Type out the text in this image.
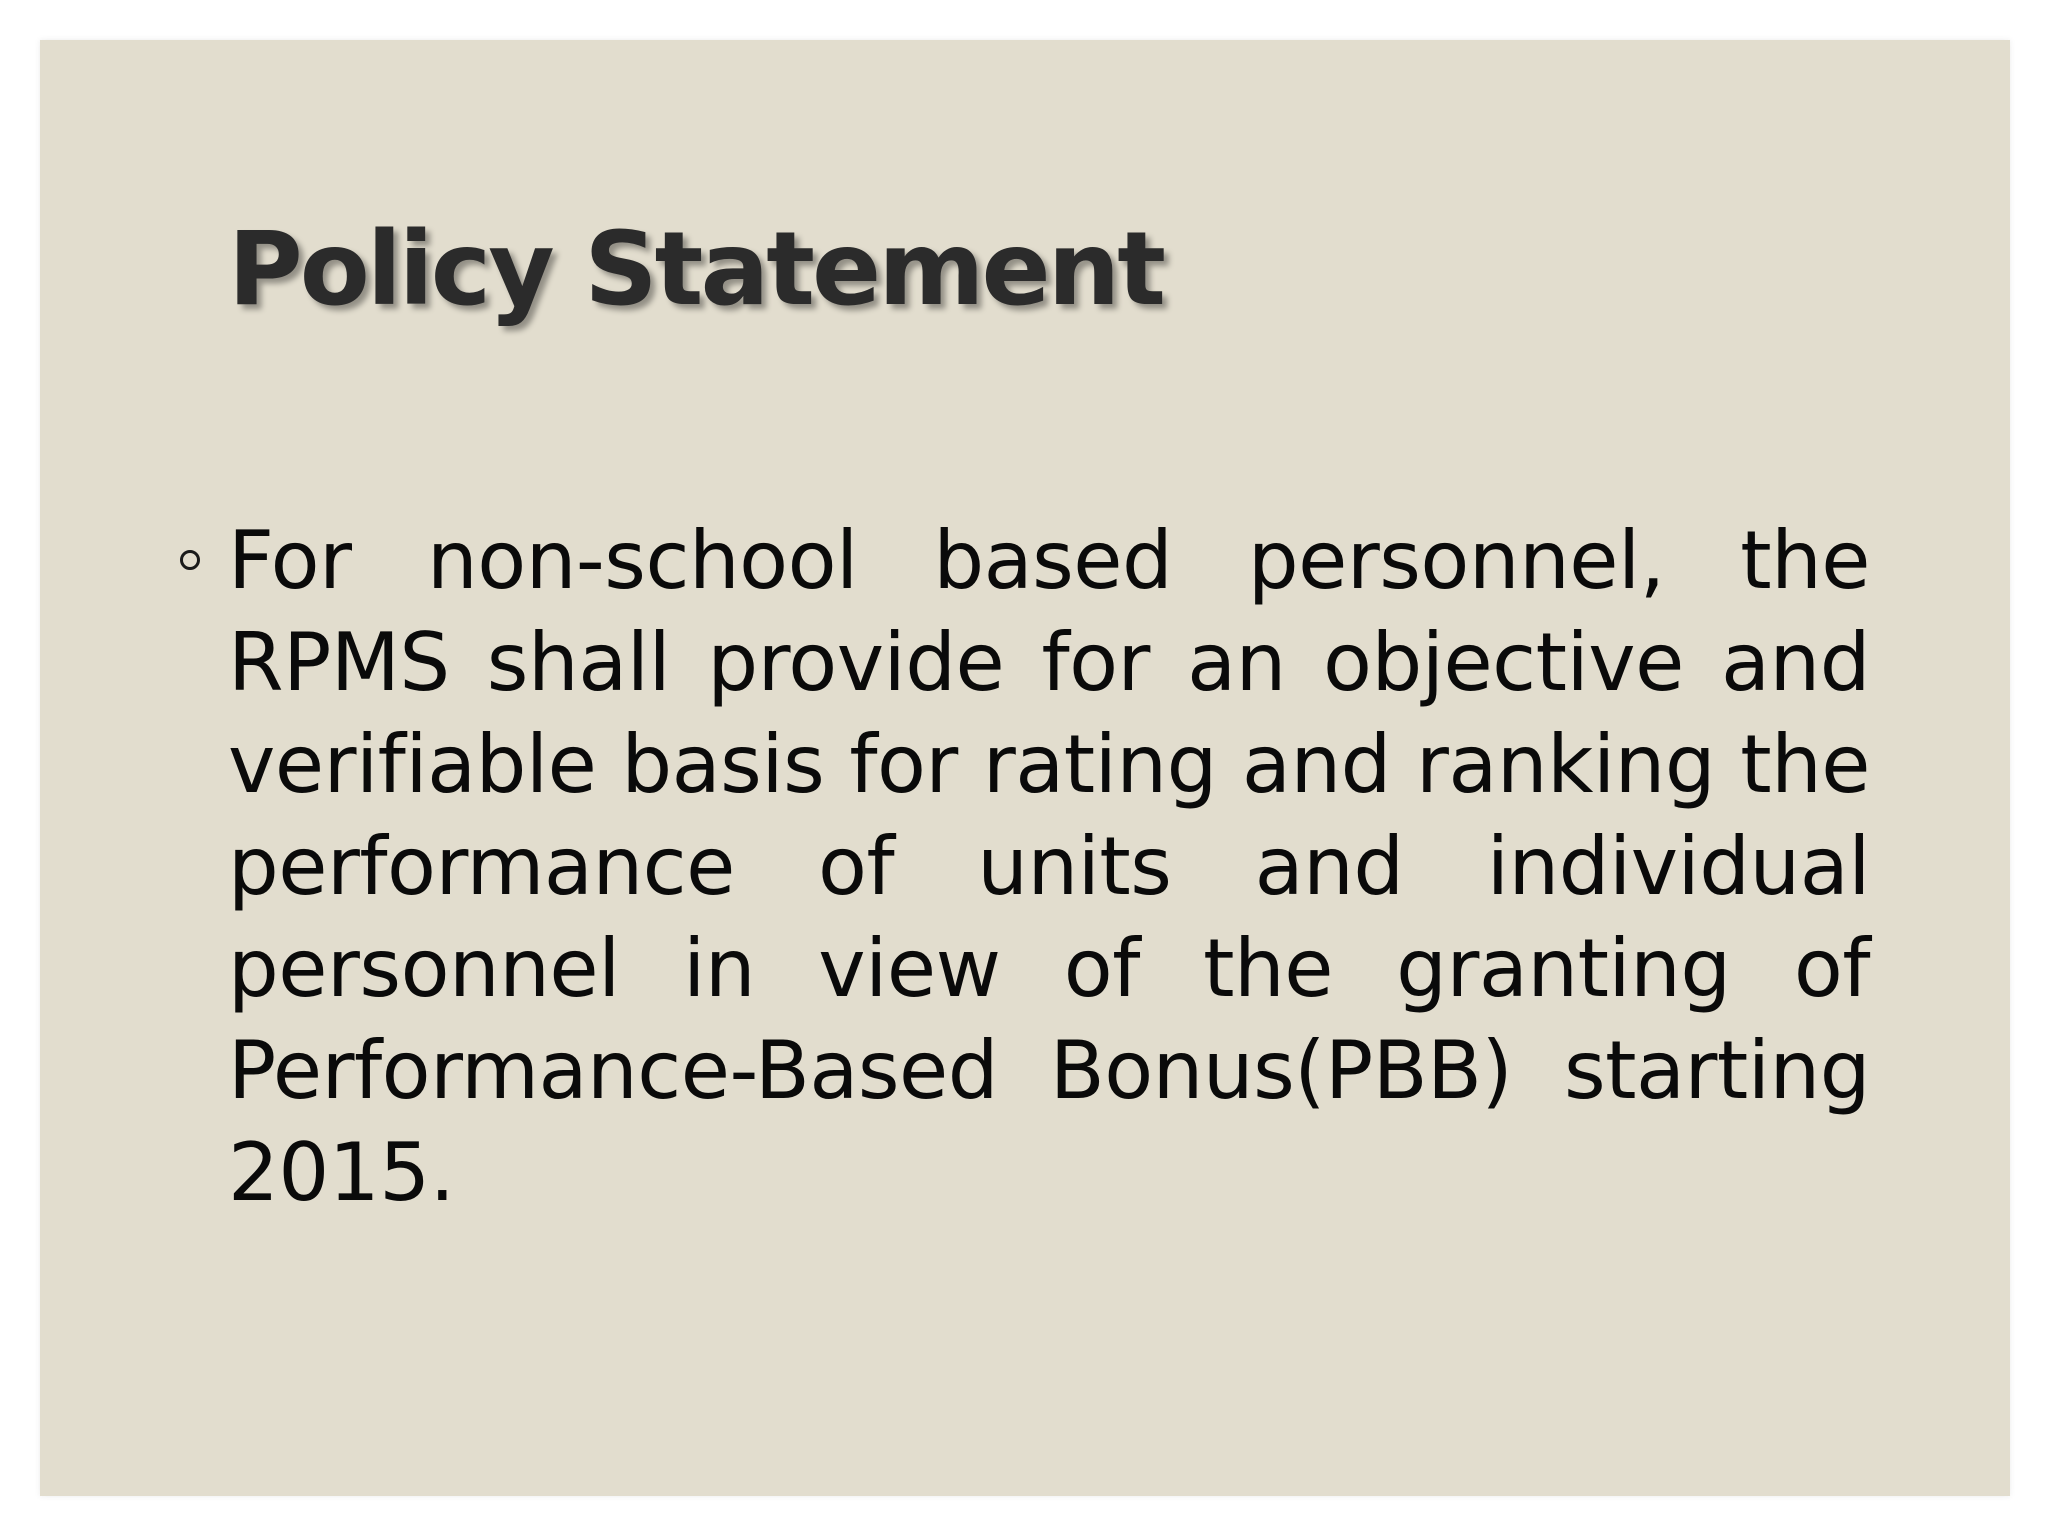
Policy Statement

For non-school based personnel, the RPMS shall provide for an objective and verifiable basis for rating and ranking the performance of units and individual personnel in view of the granting of Performance-Based Bonus(PBB) starting 2015.
